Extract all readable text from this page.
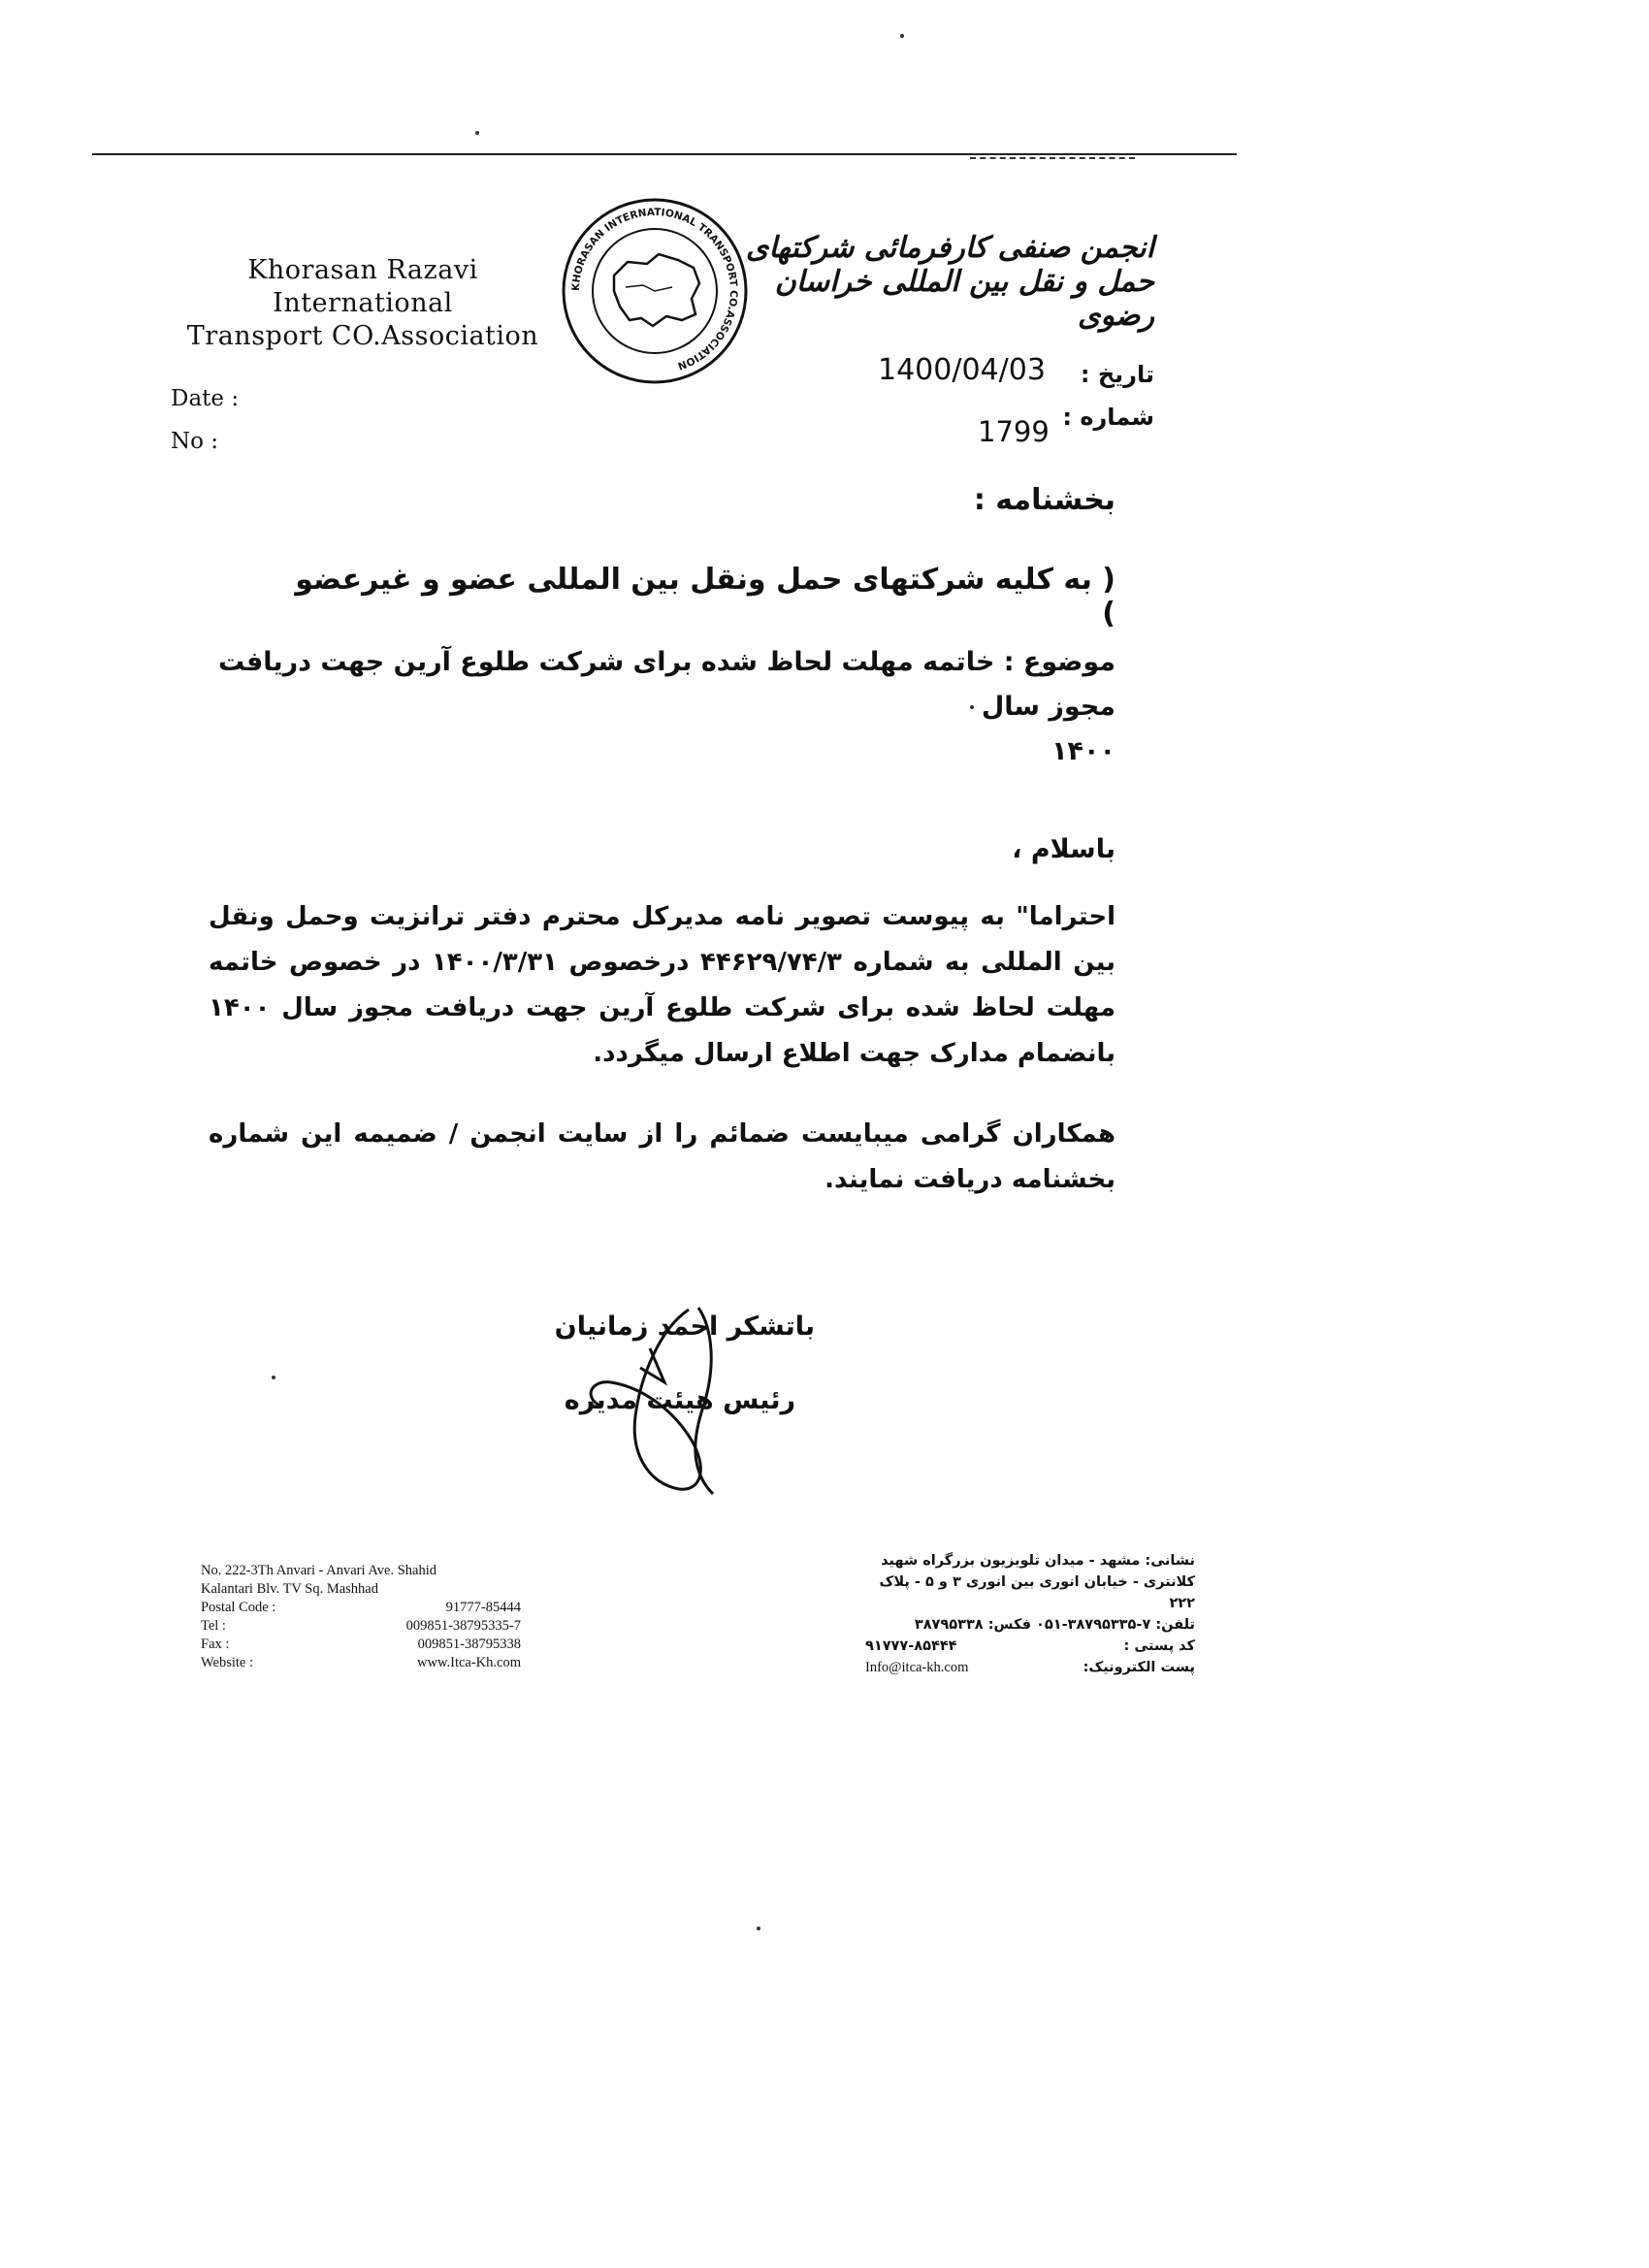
Khorasan Razavi International
Transport CO.Association
KHORASAN INTERNATIONAL TRANSPORT CO.ASSOCIATION
انجمن صنفی کارفرمائی شرکتهای حمل و نقل بین المللی خراسان رضوی
Date :
No :
تاریخ :
1400/04/03
شماره :
1799
بخشنامه :
( به کلیه شرکتهای حمل ونقل بین المللی عضو و غیرعضو )
موضوع : خاتمه مهلت لحاظ شده برای شرکت طلوع آرین جهت دریافت مجوز سال
۱۴۰۰
باسلام ،
احتراما" به پیوست تصویر نامه مدیرکل محترم دفتر ترانزیت وحمل ونقل بین المللی به شماره ۴۴۶۲۹/۷۴/۳ درخصوص ۱۴۰۰/۳/۳۱ در خصوص خاتمه مهلت لحاظ شده برای شرکت طلوع آرین جهت دریافت مجوز سال ۱۴۰۰ بانضمام مدارک جهت اطلاع ارسال میگردد.
همکاران گرامی میبایست ضمائم را از سایت انجمن / ضمیمه این شماره بخشنامه دریافت نمایند.
باتشکر احمد زمانیان
رئیس هیئت مدیره
No. 222-3Th Anvari - Anvari Ave. Shahid
Kalantari Blv. TV Sq. Mashhad
Postal Code :	91777-85444
Tel :	009851-38795335-7
Fax :	009851-38795338
Website :	www.Itca-Kh.com
نشانی: مشهد - میدان تلویزیون بزرگراه شهید
کلانتری - خیابان انوری بین انوری ۳ و ۵ - پلاک ۲۲۲
تلفن: ۷-۳۸۷۹۵۳۳۵-۰۵۱ فکس: ۳۸۷۹۵۳۳۸
کد پستی :
۹۱۷۷۷-۸۵۴۴۴
پست الکترونیک:
Info@itca-kh.com
